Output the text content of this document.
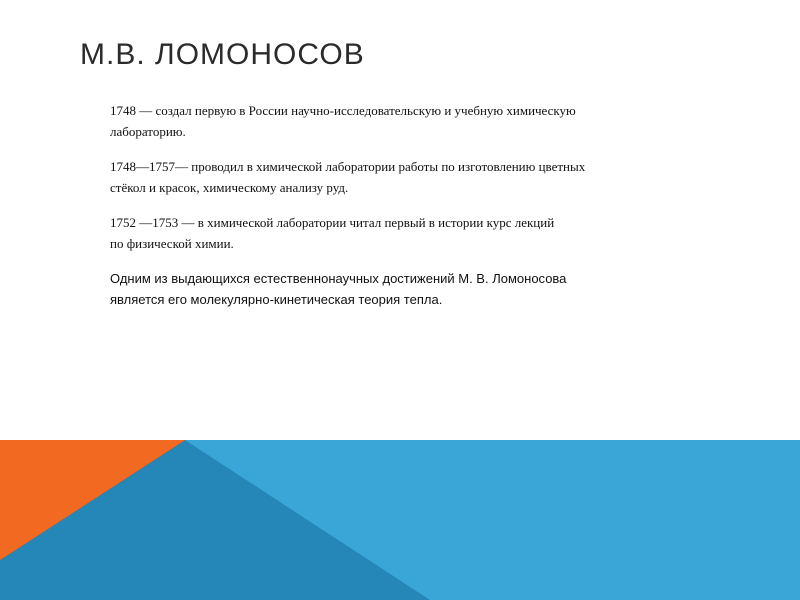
М.В. ЛОМОНОСОВ

1748 — создал первую в России научно-исследовательскую и учебную химическую
лабораторию.

1748—1757— проводил в химической лаборатории работы по изготовлению цветных
стёкол и красок, химическому анализу руд.

1752 —1753 — в химической лаборатории читал первый в истории курс лекций
по физической химии.

Одним из выдающихся естественнонаучных достижений М. В. Ломоносова
является его молекулярно-кинетическая теория тепла.
